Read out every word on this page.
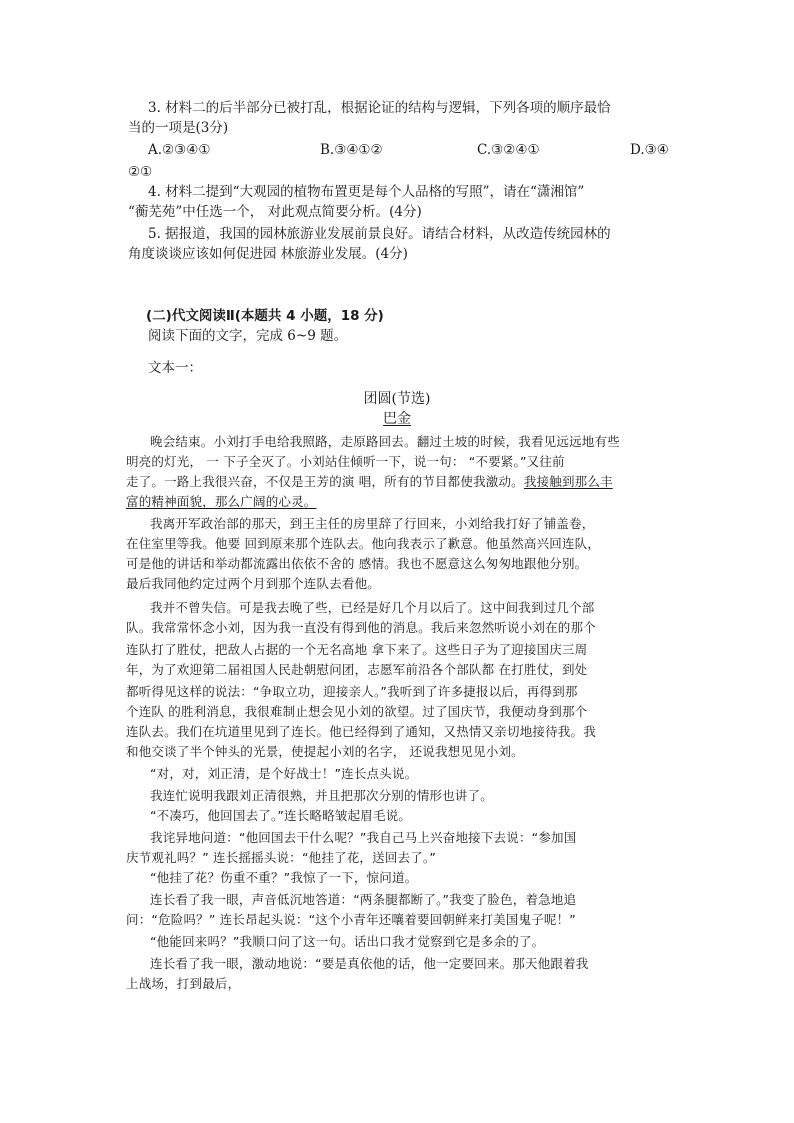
3. 材料二的后半部分已被打乱，根据论证的结构与逻辑，下列各项的顺序最恰
当的一项是(3分)
A.②③④①	B.③④①②	C.③②④①	D.③④
②①
4. 材料二提到“大观园的植物布置更是每个人品格的写照”，请在“潇湘馆”
“蘅芜苑”中任选一个， 对此观点简要分析。(4分)
5. 据报道，我国的园林旅游业发展前景良好。请结合材料，从改造传统园林的
角度谈谈应该如何促进园 林旅游业发展。(4分)
(二)代文阅读Ⅱ(本题共 4 小题，18 分)
阅读下面的文字，完成 6~9 题。
文本一：
团圆(节选)
巴金
晚会结束。小刘打手电给我照路，走原路回去。翻过土坡的时候，我看见远远地有些
明亮的灯光， 一 下子全灭了。小刘站住倾听一下，说一句： “不要紧。”又往前
走了。一路上我很兴奋，不仅是王芳的演 唱，所有的节目都使我激动。我接触到那么丰
富的精神面貌，那么广阔的心灵。
我离开军政治部的那天，到王主任的房里辞了行回来，小刘给我打好了铺盖卷，
在住室里等我。他要 回到原来那个连队去。他向我表示了歉意。他虽然高兴回连队，
可是他的讲话和举动都流露出依依不舍的 感情。我也不愿意这么匆匆地跟他分别。
最后我同他约定过两个月到那个连队去看他。
我并不曾失信。可是我去晚了些，已经是好几个月以后了。这中间我到过几个部
队。我常常怀念小刘，因为我一直没有得到他的消息。我后来忽然听说小刘在的那个
连队打了胜仗，把敌人占据的一个无名高地 拿下来了。这些日子为了迎接国庆三周
年，为了欢迎第二届祖国人民赴朝慰问团，志愿军前沿各个部队都 在打胜仗，到处
都听得见这样的说法：“争取立功，迎接亲人。”我听到了许多捷报以后，再得到那
个连队 的胜利消息，我很难制止想会见小刘的欲望。过了国庆节，我便动身到那个
连队去。我们在坑道里见到了连长。他已经得到了通知，又热情又亲切地接待我。我
和他交谈了半个钟头的光景，使提起小刘的名字， 还说我想见见小刘。
“对，对，刘正清，是个好战士！”连长点头说。
我连忙说明我跟刘正清很熟，并且把那次分别的情形也讲了。
“不凑巧，他回国去了。”连长略略皱起眉毛说。
我诧异地问道：“他回国去干什么呢？”我自己马上兴奋地接下去说：“参加国
庆节观礼吗？” 连长摇摇头说：“他挂了花，送回去了。”
“他挂了花？伤重不重？”我惊了一下，惊问道。
连长看了我一眼，声音低沉地答道：“两条腿都断了。”我变了脸色，着急地追
问：“危险吗？” 连长昂起头说：“这个小青年还嚷着要回朝鲜来打美国鬼子呢！”
“他能回来吗？”我顺口问了这一句。话出口我才觉察到它是多余的了。
连长看了我一眼，激动地说：“要是真依他的话，他一定要回来。那天他跟着我
上战场，打到最后，
